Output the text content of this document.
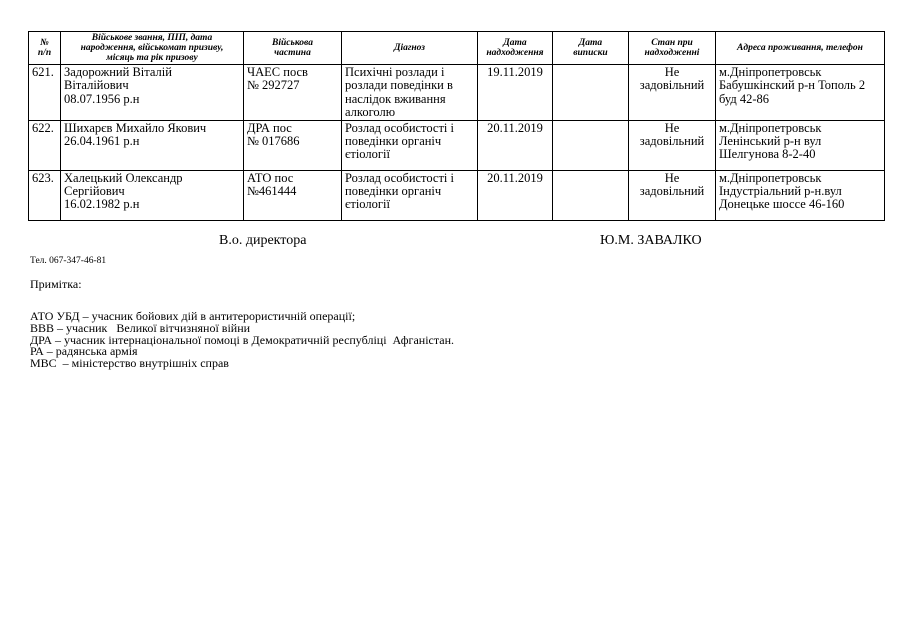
№
п/п	Військове звання, ПІП, дата
народження, військомат призиву,
місяць та рік призову	Військова
частина	Діагноз	Дата
надходження	Дата
виписки	Стан при
надходженні	Адреса проживання, телефон

621.	Задорожний Віталій
Віталійович
08.07.1956 р.н	ЧАЕС посв
№ 292727	Психічні розлади і
розлади поведінки в
наслідок вживання
алкоголю	19.11.2019		Не
задовільний	м.Дніпропетровськ
Бабушкінский р-н Тополь 2
буд 42-86

622.	Шихарєв Михайло Якович
26.04.1961 р.н	ДРА пос
№ 017686	Розлад особистості і
поведінки органіч
єтіології	20.11.2019		Не
задовільний	м.Дніпропетровськ
Ленінський р-н вул
Шелгунова 8-2-40

623.	Халецький Олександр
Сергійович
16.02.1982 р.н	АТО пос
№461444	Розлад особистості і
поведінки органіч
єтіології	20.11.2019		Не
задовільний	м.Дніпропетровськ
Індустріальний р-н.вул
Донецьке шоссе 46-160
В.о. директора	Ю.М. ЗАВАЛКО
Тел. 067-347-46-81
Примітка:
АТО УБД – учасник бойових дій в антитерористичній операції;
ВВВ – учасник   Великої вітчизняної війни
ДРА – учасник інтернаціональної помоці в Демократичній республіці  Афганістан.
РА – радянська армія
МВС  – міністерство внутрішніх справ
